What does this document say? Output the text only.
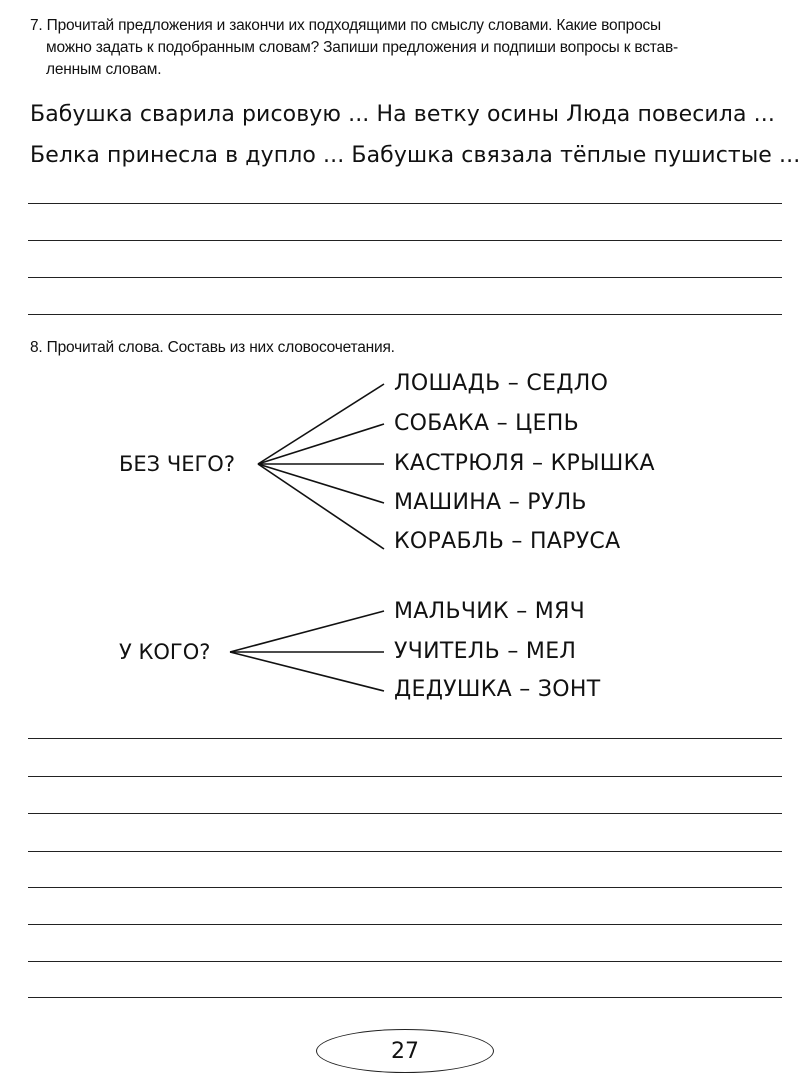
7. Прочитай предложения и закончи их подходящими по смыслу словами. Какие вопросы
можно задать к подобранным словам? Запиши предложения и подпиши вопросы к встав-
ленным словам.
Бабушка сварила рисовую ... На ветку осины Люда повесила ...
Белка принесла в дупло ... Бабушка связала тёплые пушистые ...
8. Прочитай слова. Составь из них словосочетания.
БЕЗ ЧЕГО?
ЛОШАДЬ – СЕДЛО
СОБАКА – ЦЕПЬ
КАСТРЮЛЯ – КРЫШКА
МАШИНА – РУЛЬ
КОРАБЛЬ – ПАРУСА
У КОГО?
МАЛЬЧИК – МЯЧ
УЧИТЕЛЬ – МЕЛ
ДЕДУШКА – ЗОНТ
27
